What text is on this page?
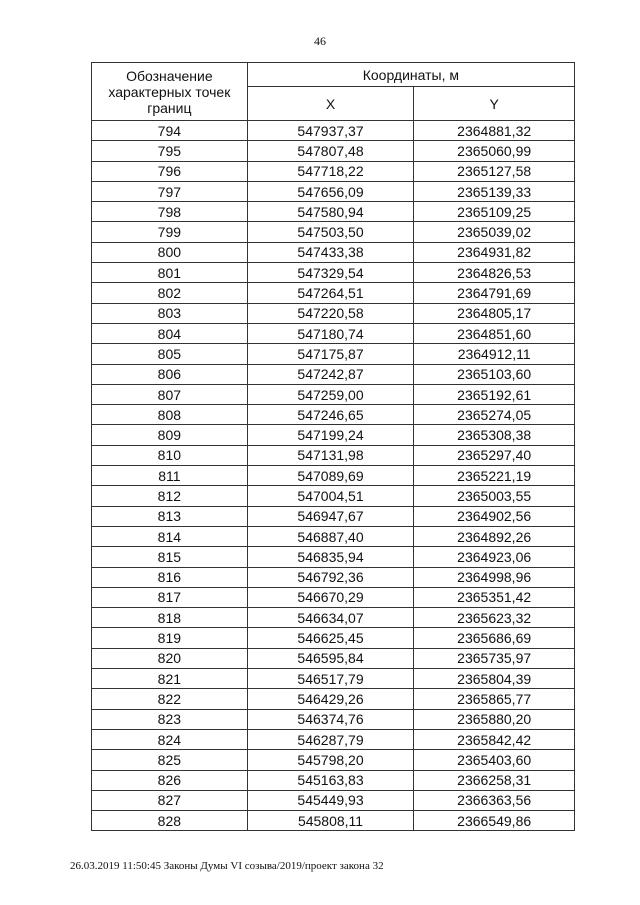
46
Обозначение характерных точек границ	Координаты, м	
	X	Y
794	547937,37	2364881,32
795	547807,48	2365060,99
796	547718,22	2365127,58
797	547656,09	2365139,33
798	547580,94	2365109,25
799	547503,50	2365039,02
800	547433,38	2364931,82
801	547329,54	2364826,53
802	547264,51	2364791,69
803	547220,58	2364805,17
804	547180,74	2364851,60
805	547175,87	2364912,11
806	547242,87	2365103,60
807	547259,00	2365192,61
808	547246,65	2365274,05
809	547199,24	2365308,38
810	547131,98	2365297,40
811	547089,69	2365221,19
812	547004,51	2365003,55
813	546947,67	2364902,56
814	546887,40	2364892,26
815	546835,94	2364923,06
816	546792,36	2364998,96
817	546670,29	2365351,42
818	546634,07	2365623,32
819	546625,45	2365686,69
820	546595,84	2365735,97
821	546517,79	2365804,39
822	546429,26	2365865,77
823	546374,76	2365880,20
824	546287,79	2365842,42
825	545798,20	2365403,60
826	545163,83	2366258,31
827	545449,93	2366363,56
828	545808,11	2366549,86
26.03.2019 11:50:45 Законы Думы VI созыва/2019/проект закона 32
